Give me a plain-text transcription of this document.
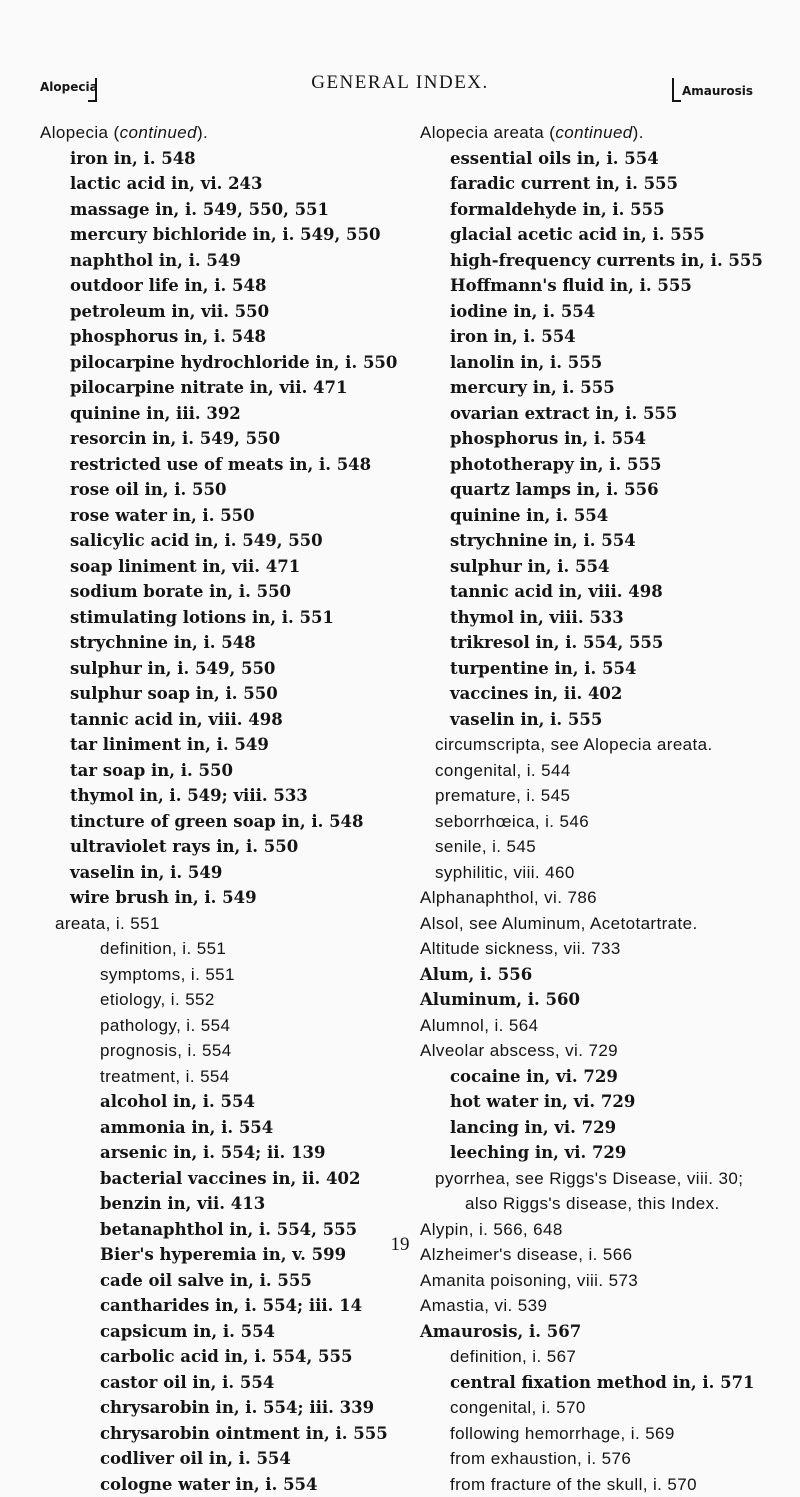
Alopecia	GENERAL INDEX.	Amaurosis
Alopecia (continued).
iron in, i. 548
lactic acid in, vi. 243
massage in, i. 549, 550, 551
mercury bichloride in, i. 549, 550
naphthol in, i. 549
outdoor life in, i. 548
petroleum in, vii. 550
phosphorus in, i. 548
pilocarpine hydrochloride in, i. 550
pilocarpine nitrate in, vii. 471
quinine in, iii. 392
resorcin in, i. 549, 550
restricted use of meats in, i. 548
rose oil in, i. 550
rose water in, i. 550
salicylic acid in, i. 549, 550
soap liniment in, vii. 471
sodium borate in, i. 550
stimulating lotions in, i. 551
strychnine in, i. 548
sulphur in, i. 549, 550
sulphur soap in, i. 550
tannic acid in, viii. 498
tar liniment in, i. 549
tar soap in, i. 550
thymol in, i. 549; viii. 533
tincture of green soap in, i. 548
ultraviolet rays in, i. 550
vaselin in, i. 549
wire brush in, i. 549
areata, i. 551
definition, i. 551
symptoms, i. 551
etiology, i. 552
pathology, i. 554
prognosis, i. 554
treatment, i. 554
alcohol in, i. 554
ammonia in, i. 554
arsenic in, i. 554; ii. 139
bacterial vaccines in, ii. 402
benzin in, vii. 413
betanaphthol in, i. 554, 555
Bier's hyperemia in, v. 599
cade oil salve in, i. 555
cantharides in, i. 554; iii. 14
capsicum in, i. 554
carbolic acid in, i. 554, 555
castor oil in, i. 554
chrysarobin in, i. 554; iii. 339
chrysarobin ointment in, i. 555
codliver oil in, i. 554
cologne water in, i. 554
Alopecia areata (continued).
essential oils in, i. 554
faradic current in, i. 555
formaldehyde in, i. 555
glacial acetic acid in, i. 555
high-frequency currents in, i. 555
Hoffmann's fluid in, i. 555
iodine in, i. 554
iron in, i. 554
lanolin in, i. 555
mercury in, i. 555
ovarian extract in, i. 555
phosphorus in, i. 554
phototherapy in, i. 555
quartz lamps in, i. 556
quinine in, i. 554
strychnine in, i. 554
sulphur in, i. 554
tannic acid in, viii. 498
thymol in, viii. 533
trikresol in, i. 554, 555
turpentine in, i. 554
vaccines in, ii. 402
vaselin in, i. 555
circumscripta, see Alopecia areata.
congenital, i. 544
premature, i. 545
seborrhœica, i. 546
senile, i. 545
syphilitic, viii. 460
Alphanaphthol, vi. 786
Alsol, see Aluminum, Acetotartrate.
Altitude sickness, vii. 733
Alum, i. 556
Aluminum, i. 560
Alumnol, i. 564
Alveolar abscess, vi. 729
cocaine in, vi. 729
hot water in, vi. 729
lancing in, vi. 729
leeching in, vi. 729
pyorrhea, see Riggs's Disease, viii. 30;
also Riggs's disease, this Index.
Alypin, i. 566, 648
Alzheimer's disease, i. 566
Amanita poisoning, viii. 573
Amastia, vi. 539
Amaurosis, i. 567
definition, i. 567
central fixation method in, i. 571
congenital, i. 570
following hemorrhage, i. 569
from exhaustion, i. 576
from fracture of the skull, i. 570
19
